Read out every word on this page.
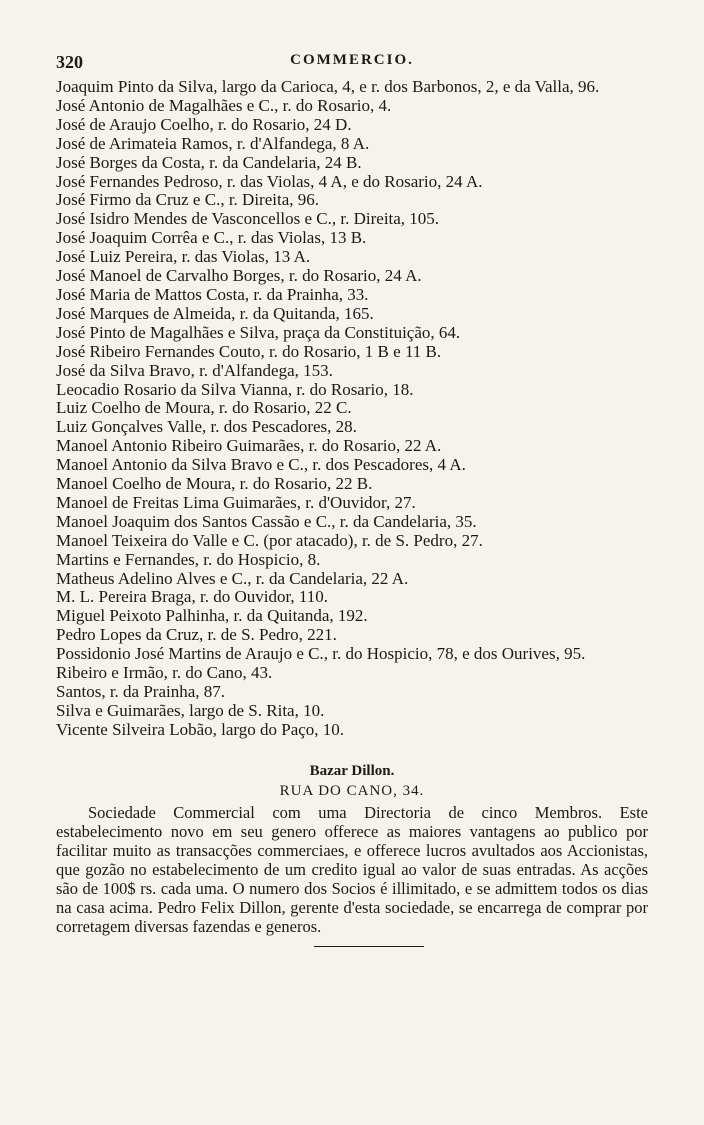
320	COMMERCIO.
Joaquim Pinto da Silva, largo da Carioca, 4, e r. dos Barbonos, 2, e da Valla, 96.
José Antonio de Magalhães e C., r. do Rosario, 4.
José de Araujo Coelho, r. do Rosario, 24 D.
José de Arimateia Ramos, r. d'Alfandega, 8 A.
José Borges da Costa, r. da Candelaria, 24 B.
José Fernandes Pedroso, r. das Violas, 4 A, e do Rosario, 24 A.
José Firmo da Cruz e C., r. Direita, 96.
José Isidro Mendes de Vasconcellos e C., r. Direita, 105.
José Joaquim Corrêa e C., r. das Violas, 13 B.
José Luiz Pereira, r. das Violas, 13 A.
José Manoel de Carvalho Borges, r. do Rosario, 24 A.
José Maria de Mattos Costa, r. da Prainha, 33.
José Marques de Almeida, r. da Quitanda, 165.
José Pinto de Magalhães e Silva, praça da Constituição, 64.
José Ribeiro Fernandes Couto, r. do Rosario, 1 B e 11 B.
José da Silva Bravo, r. d'Alfandega, 153.
Leocadio Rosario da Silva Vianna, r. do Rosario, 18.
Luiz Coelho de Moura, r. do Rosario, 22 C.
Luiz Gonçalves Valle, r. dos Pescadores, 28.
Manoel Antonio Ribeiro Guimarães, r. do Rosario, 22 A.
Manoel Antonio da Silva Bravo e C., r. dos Pescadores, 4 A.
Manoel Coelho de Moura, r. do Rosario, 22 B.
Manoel de Freitas Lima Guimarães, r. d'Ouvidor, 27.
Manoel Joaquim dos Santos Cassão e C., r. da Candelaria, 35.
Manoel Teixeira do Valle e C. (por atacado), r. de S. Pedro, 27.
Martins e Fernandes, r. do Hospicio, 8.
Matheus Adelino Alves e C., r. da Candelaria, 22 A.
M. L. Pereira Braga, r. do Ouvidor, 110.
Miguel Peixoto Palhinha, r. da Quitanda, 192.
Pedro Lopes da Cruz, r. de S. Pedro, 221.
Possidonio José Martins de Araujo e C., r. do Hospicio, 78, e dos Ourives, 95.
Ribeiro e Irmão, r. do Cano, 43.
Santos, r. da Prainha, 87.
Silva e Guimarães, largo de S. Rita, 10.
Vicente Silveira Lobão, largo do Paço, 10.
Bazar Dillon.
RUA DO CANO, 34.

Sociedade Commercial com uma Directoria de cinco Membros. Este estabelecimento novo em seu genero offerece as maiores vantagens ao publico por facilitar muito as transacções commerciaes, e offerece lucros avultados aos Accionistas, que gozão no estabelecimento de um credito igual ao valor de suas entradas. As acções são de 100$ rs. cada uma. O numero dos Socios é illimitado, e se admittem todos os dias na casa acima. Pedro Felix Dillon, gerente d'esta sociedade, se encarrega de comprar por corretagem diversas fazendas e generos.
